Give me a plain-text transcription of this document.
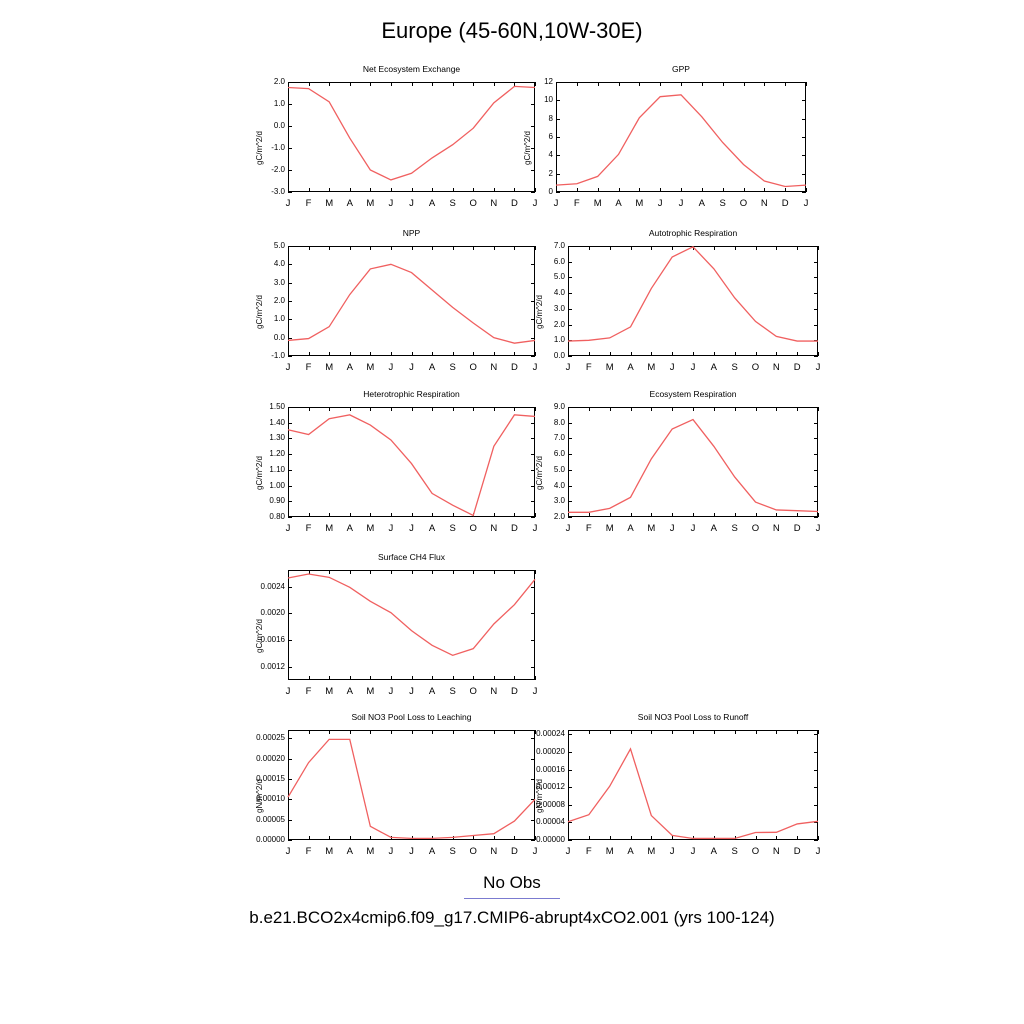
Europe (45-60N,10W-30E)
Net Ecosystem Exchange
gC/m^2/d
-3.0
-2.0
-1.0
0.0
1.0
2.0
J	F	M A M	J	J	A S O N D	J
GPP
gC/m^2/d
0
2
4
6
8
10
12
J	F	M A M	J	J	A S O N D	J
NPP
gC/m^2/d
-1.0
0.0
1.0
2.0
3.0
4.0
5.0
J	F	M A M	J	J	A S O N D	J
Autotrophic Respiration
gC/m^2/d
0.0
1.0
2.0
3.0
4.0
5.0
6.0
7.0
J	F	M A M	J	J	A S O N D	J
Heterotrophic Respiration
gC/m^2/d
0.80
0.90
1.00
1.10
1.20
1.30
1.40
1.50
J	F	M A M	J	J	A S O N D	J
Ecosystem Respiration
gC/m^2/d
2.0
3.0
4.0
5.0
6.0
7.0
8.0
9.0
J	F	M A M	J	J	A S O N D	J
Surface CH4 Flux
gC/m^2/d
0.0012
0.0016
0.0020
0.0024
J	F	M A M	J	J	A S O N D	J
Soil NO3 Pool Loss to Leaching
gN/m^2/d
0.00000
0.00005
0.00010
0.00015
0.00020
0.00025
J	F	M A M	J	J	A S O N D	J
Soil NO3 Pool Loss to Runoff
gN/m^2/d
0.00000
0.00004
0.00008
0.00012
0.00016
0.00020
0.00024
J	F	M A M	J	J	A S O N D	J
No Obs
b.e21.BCO2x4cmip6.f09_g17.CMIP6-abrupt4xCO2.001 (yrs 100-124)
